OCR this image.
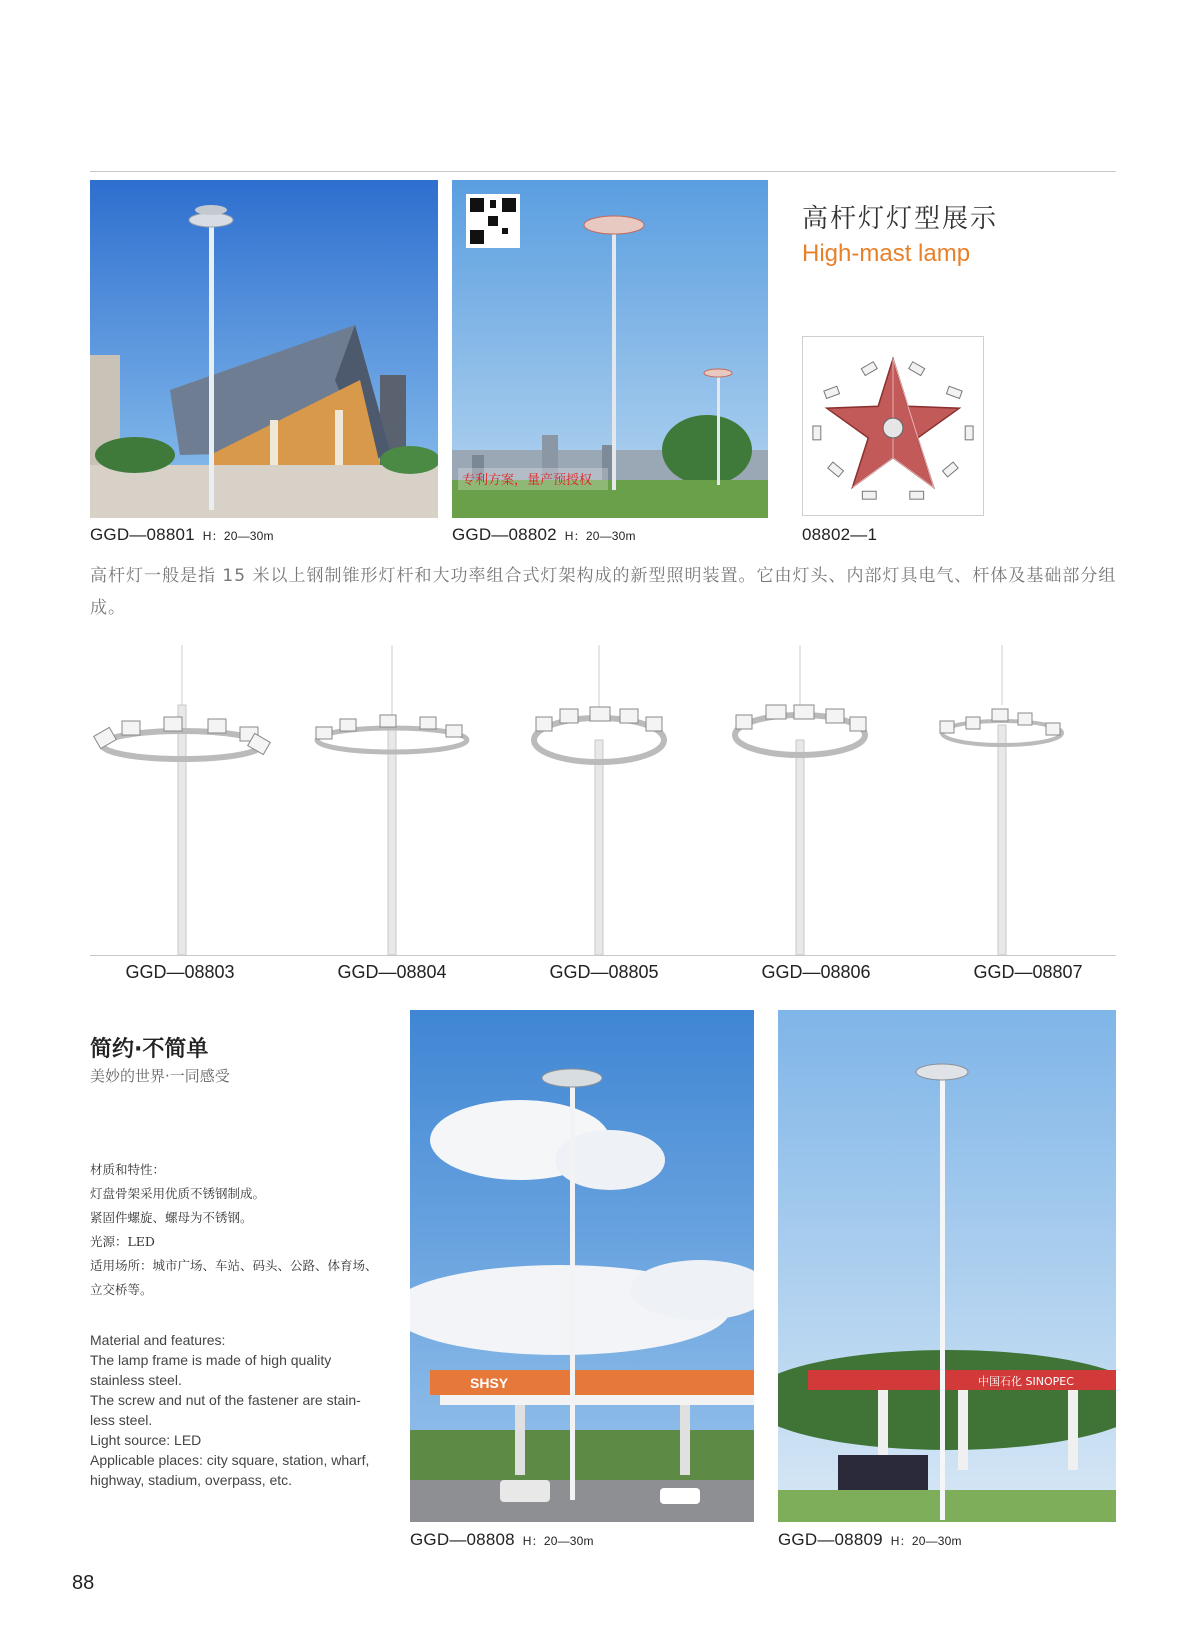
GGD—08801 H：20—30m
专利方案，量产预授权
GGD—08802 H：20—30m
高杆灯灯型展示
High-mast lamp
08802—1
高杆灯一般是指 15 米以上钢制锥形灯杆和大功率组合式灯架构成的新型照明装置。它由灯头、内部灯具电气、杆体及基础部分组成。
GGD—08803	GGD—08804	GGD—08805	GGD—08806	GGD—08807
简约·不简单
美妙的世界·一同感受
材质和特性：
灯盘骨架采用优质不锈钢制成。
紧固件螺旋、螺母为不锈钢。
光源：LED
适用场所：城市广场、车站、码头、公路、体育场、
立交桥等。
Material and features:
The lamp frame is made of high quality
stainless steel.
The screw and nut of the fastener are stain-
less steel.
Light source: LED
Applicable places: city square, station, wharf,
highway, stadium, overpass, etc.
SHSY
GGD—08808 H：20—30m
中国石化 SINOPEC
GGD—08809 H：20—30m
88
